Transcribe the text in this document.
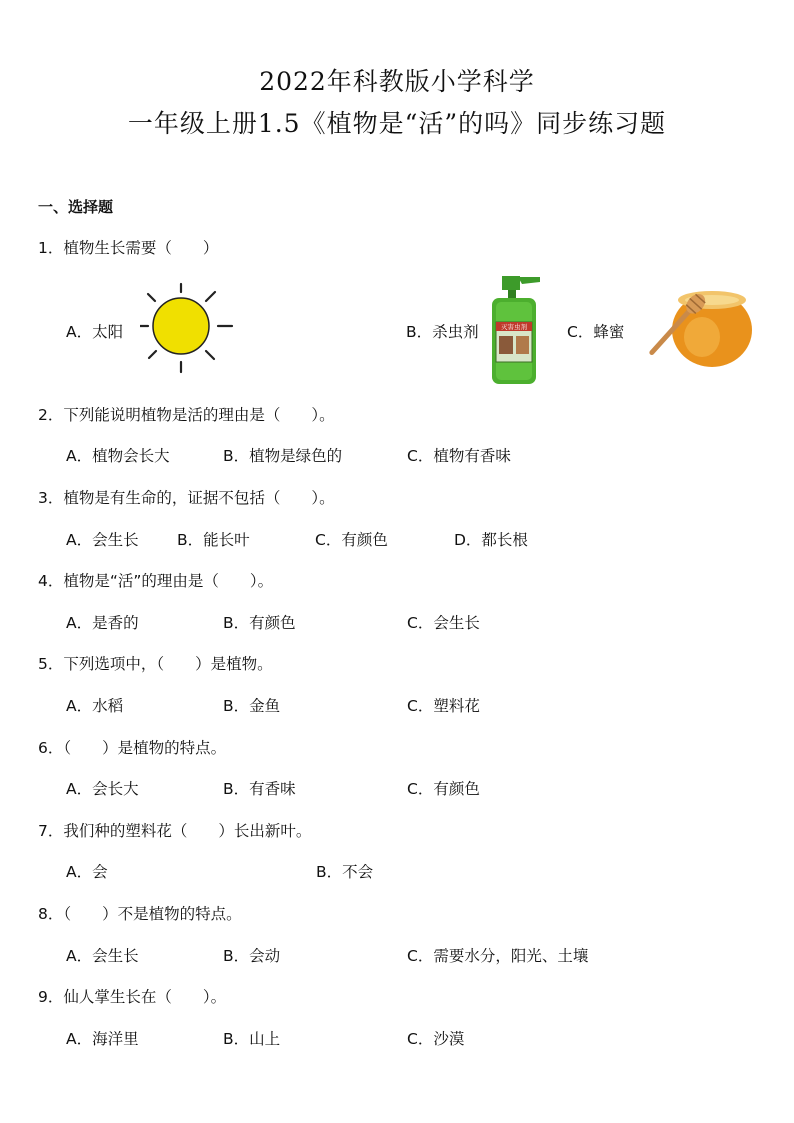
2022年科教版小学科学
一年级上册1.5《植物是“活”的吗》同步练习题
一、选择题
1．植物生长需要（　　）
A．太阳	B．杀虫剂	灭害虫剂	C．蜂蜜
2．下列能说明植物是活的理由是（　　）。
A．植物会长大	B．植物是绿色的	C．植物有香味
3．植物是有生命的，证据不包括（　　）。
A．会生长 B．能长叶	C．有颜色	D．都长根
4．植物是“活”的理由是（　　）。
A．是香的	B．有颜色	C．会生长
5．下列选项中，（　　）是植物。
A．水稻	B．金鱼	C．塑料花
6．（　　）是植物的特点。
A．会长大	B．有香味	C．有颜色
7．我们种的塑料花（　　）长出新叶。
A．会	B．不会
8．（　　）不是植物的特点。
A．会生长	B．会动	C．需要水分，阳光、土壤
9．仙人掌生长在（　　）。
A．海洋里	B．山上	C．沙漠
